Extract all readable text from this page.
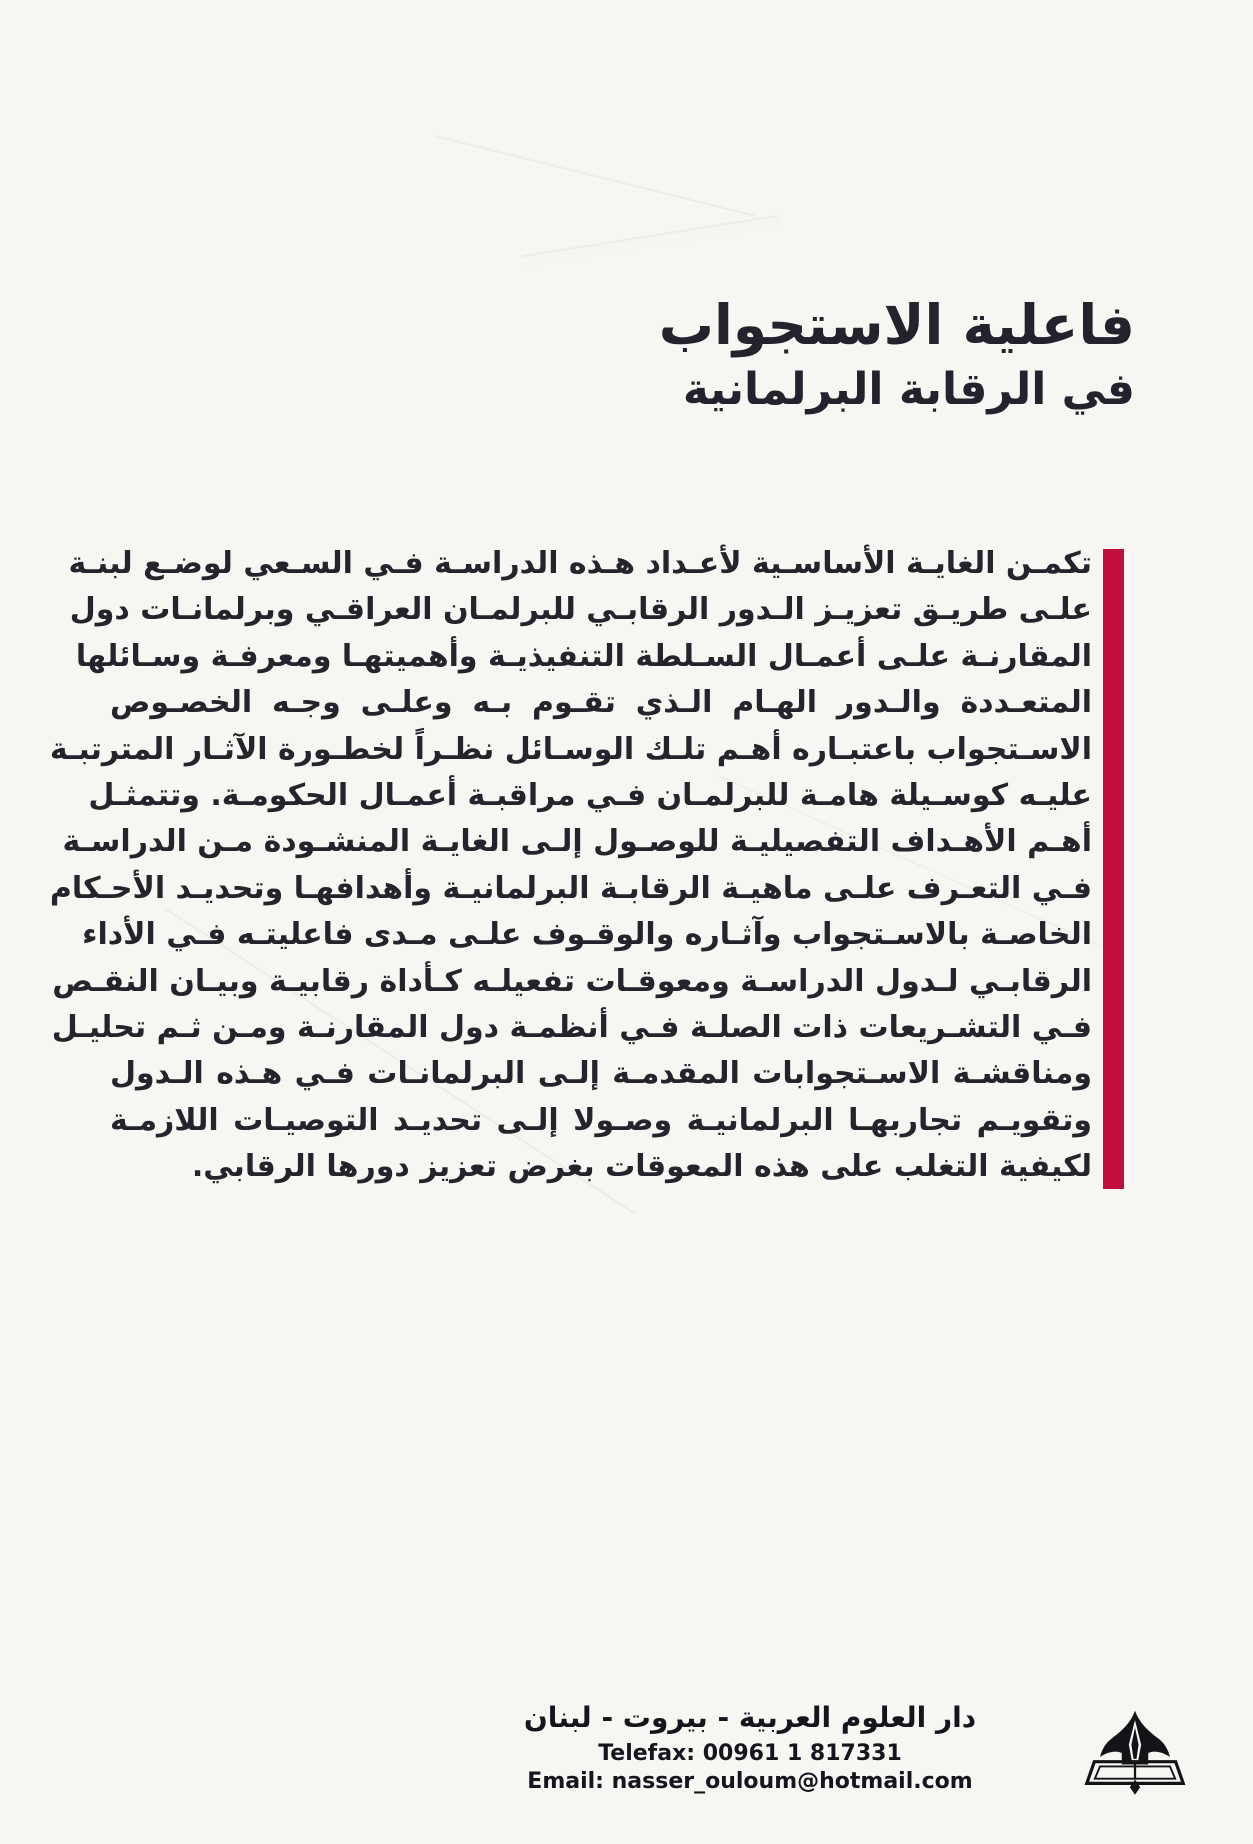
فاعلية الاستجواب
في الرقابة البرلمانية
تكمـن الغايـة الأساسـية لأعـداد هـذه الدراسـة فـي السـعي لوضـع لبنـة
علـى طريـق تعزيـز الـدور الرقابـي للبرلمـان العراقـي وبرلمانـات دول
المقارنـة علـى أعمـال السـلطة التنفيذيـة وأهميتهـا ومعرفـة وسـائلها
المتعـددة والـدور الهـام الـذي تقـوم بـه وعلـى وجـه الخصـوص
الاسـتجواب باعتبـاره أهـم تلـك الوسـائل نظـراً لخطـورة الآثـار المترتبـة
عليـه كوسـيلة هامـة للبرلمـان فـي مراقبـة أعمـال الحكومـة. وتتمثـل
أهـم الأهـداف التفصيليـة للوصـول إلـى الغايـة المنشـودة مـن الدراسـة
فـي التعـرف علـى ماهيـة الرقابـة البرلمانيـة وأهدافهـا وتحديـد الأحـكام
الخاصـة بالاسـتجواب وآثـاره والوقـوف علـى مـدى فاعليتـه فـي الأداء
الرقابـي لـدول الدراسـة ومعوقـات تفعيلـه كـأداة رقابيـة وبيـان النقـص
فـي التشـريعات ذات الصلـة فـي أنظمـة دول المقارنـة ومـن ثـم تحليـل
ومناقشـة الاسـتجوابات المقدمـة إلـى البرلمانـات فـي هـذه الـدول
وتقويـم تجاربهـا البرلمانيـة وصـولا إلـى تحديـد التوصيـات اللازمـة
لكيفية التغلب على هذه المعوقات بغرض تعزيز دورها الرقابي.
دار العلوم العربية - بيروت - لبنان
Telefax: 00961 1 817331
Email: nasser_ouloum@hotmail.com
